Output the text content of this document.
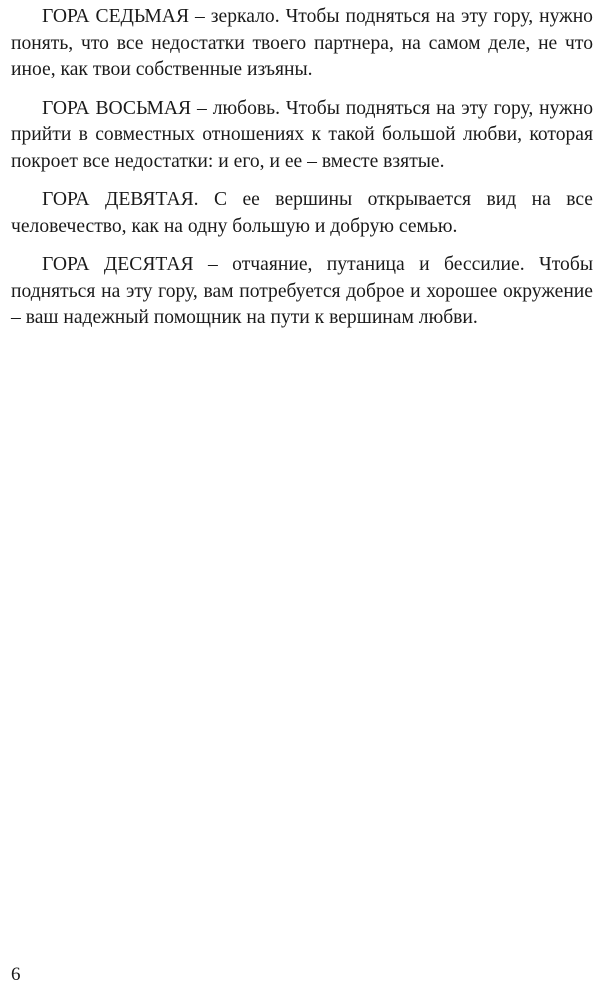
ГОРА СЕДЬМАЯ – зеркало. Чтобы подняться на эту гору, нужно понять, что все недостатки твоего партнера, на самом деле, не что иное, как твои собственные изъяны.

ГОРА ВОСЬМАЯ – любовь. Чтобы подняться на эту гору, нужно прийти в совместных отношениях к такой большой любви, которая покроет все недостатки: и его, и ее – вместе взятые.

ГОРА ДЕВЯТАЯ. С ее вершины открывается вид на все человечество, как на одну большую и добрую семью.

ГОРА ДЕСЯТАЯ – отчаяние, путаница и бессилие. Чтобы подняться на эту гору, вам потребуется доброе и хорошее окружение – ваш надежный помощник на пути к вершинам любви.

6
